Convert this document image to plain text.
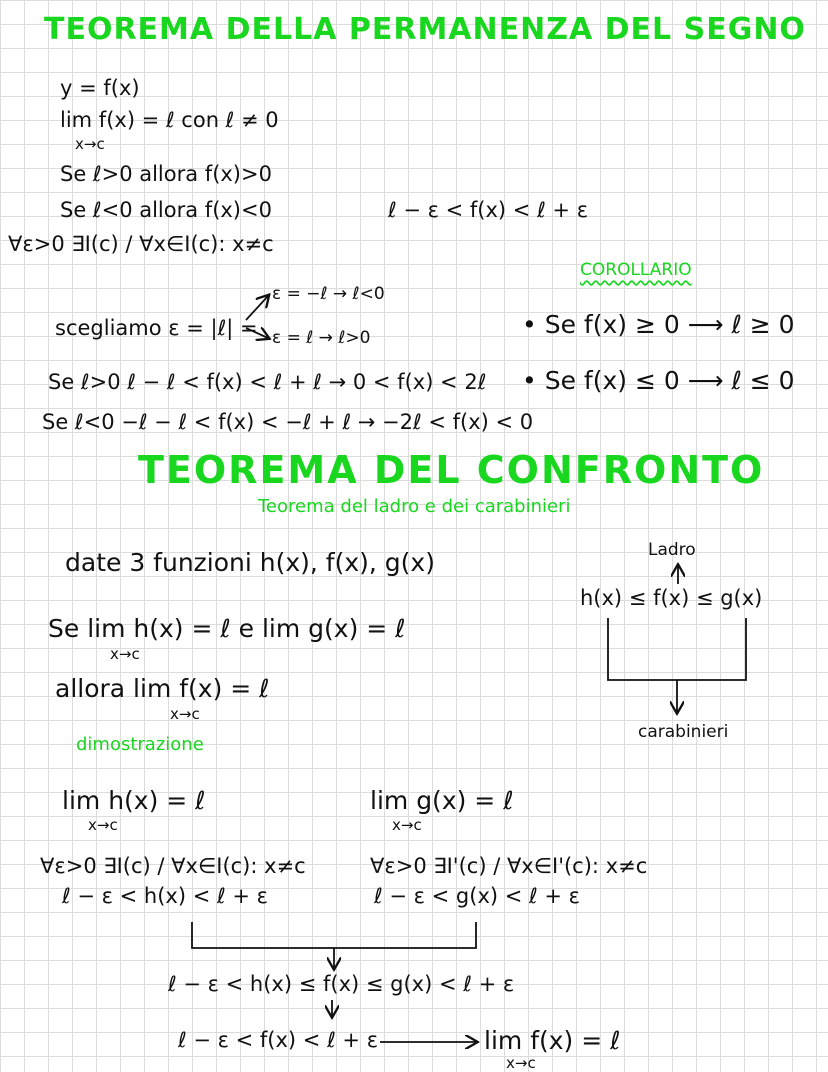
TEOREMA DELLA PERMANENZA DEL SEGNO
y = f(x)
lim f(x) = ℓ con ℓ ≠ 0
x→c
Se ℓ>0 allora f(x)>0
Se ℓ<0 allora f(x)<0	ℓ − ε < f(x) < ℓ + ε
∀ε>0 ∃I(c) / ∀x∈I(c): x≠c
scegliamo ε = |ℓ| =
ε = −ℓ → ℓ<0
ε = ℓ → ℓ>0
Se ℓ>0 ℓ − ℓ < f(x) < ℓ + ℓ → 0 < f(x) < 2ℓ
Se ℓ<0 −ℓ − ℓ < f(x) < −ℓ + ℓ → −2ℓ < f(x) < 0
COROLLARIO
• Se f(x) ≥ 0 ⟶ ℓ ≥ 0
• Se f(x) ≤ 0 ⟶ ℓ ≤ 0
TEOREMA DEL CONFRONTO
Teorema del ladro e dei carabinieri
date 3 funzioni h(x), f(x), g(x)
Se lim h(x) = ℓ e lim g(x) = ℓ
x→c
allora lim f(x) = ℓ
x→c
Ladro
h(x) ≤ f(x) ≤ g(x)
carabinieri
dimostrazione
lim h(x) = ℓ
x→c
lim g(x) = ℓ
x→c
∀ε>0 ∃I(c) / ∀x∈I(c): x≠c	∀ε>0 ∃I'(c) / ∀x∈I'(c): x≠c
ℓ − ε < h(x) < ℓ + ε	ℓ − ε < g(x) < ℓ + ε
ℓ − ε < h(x) ≤ f(x) ≤ g(x) < ℓ + ε
ℓ − ε < f(x) < ℓ + ε	lim f(x) = ℓ
x→c
